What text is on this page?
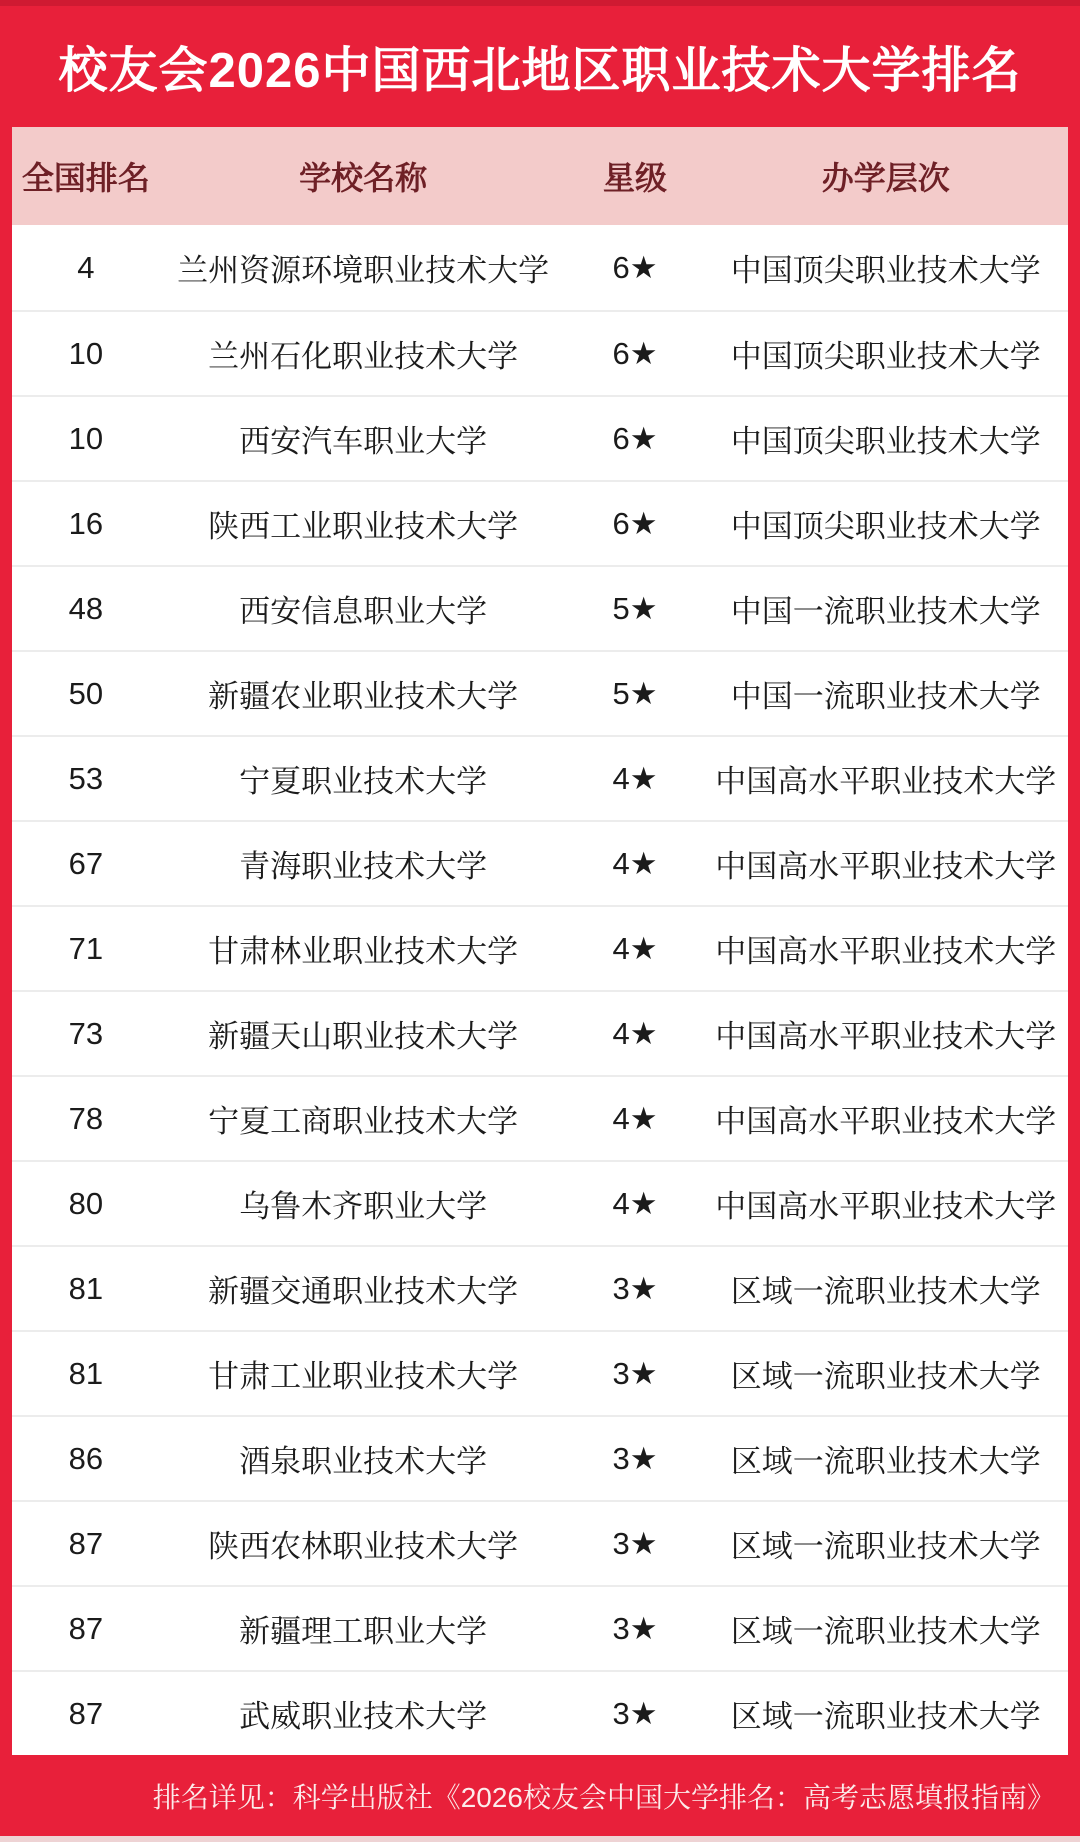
校友会2026中国西北地区职业技术大学排名
全国排名	学校名称	星级	办学层次
4	兰州资源环境职业技术大学	6★	中国顶尖职业技术大学
10	兰州石化职业技术大学	6★	中国顶尖职业技术大学
10	西安汽车职业大学	6★	中国顶尖职业技术大学
16	陕西工业职业技术大学	6★	中国顶尖职业技术大学
48	西安信息职业大学	5★	中国一流职业技术大学
50	新疆农业职业技术大学	5★	中国一流职业技术大学
53	宁夏职业技术大学	4★	中国高水平职业技术大学
67	青海职业技术大学	4★	中国高水平职业技术大学
71	甘肃林业职业技术大学	4★	中国高水平职业技术大学
73	新疆天山职业技术大学	4★	中国高水平职业技术大学
78	宁夏工商职业技术大学	4★	中国高水平职业技术大学
80	乌鲁木齐职业大学	4★	中国高水平职业技术大学
81	新疆交通职业技术大学	3★	区域一流职业技术大学
81	甘肃工业职业技术大学	3★	区域一流职业技术大学
86	酒泉职业技术大学	3★	区域一流职业技术大学
87	陕西农林职业技术大学	3★	区域一流职业技术大学
87	新疆理工职业大学	3★	区域一流职业技术大学
87	武威职业技术大学	3★	区域一流职业技术大学
排名详见：科学出版社《2026校友会中国大学排名：高考志愿填报指南》
